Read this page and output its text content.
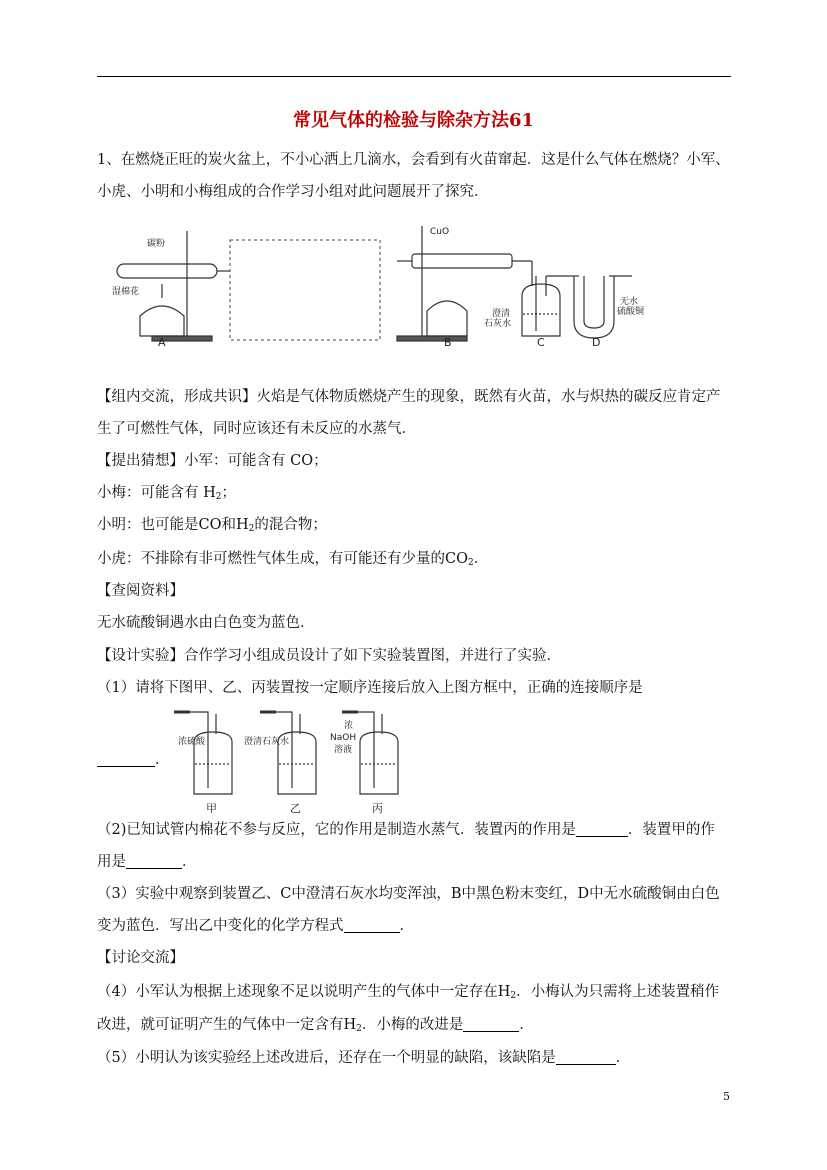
常见气体的检验与除杂方法61
1、在燃烧正旺的炭火盆上，不小心洒上几滴水，会看到有火苗窜起．这是什么气体在燃烧？小军、
小虎、小明和小梅组成的合作学习小组对此问题展开了探究．
碳粉
湿棉花
CuO
澄清
石灰水
无水
硫酸铜
A	B	C	D
【组内交流，形成共识】火焰是气体物质燃烧产生的现象，既然有火苗，水与炽热的碳反应肯定产
生了可燃性气体，同时应该还有未反应的水蒸气．
【提出猜想】小军：可能含有 CO；
小梅：可能含有 $H_2$；
小明：也可能是CO和$H_2$的混合物；
小虎：不排除有非可燃性气体生成，有可能还有少量的$CO_2$．
【查阅资料】
无水硫酸铜遇水由白色变为蓝色．
【设计实验】合作学习小组成员设计了如下实验装置图，并进行了实验．
（1）请将下图甲、乙、丙装置按一定顺序连接后放入上图方框中，正确的连接顺序是
浓硫酸	澄清石灰水
浓
NaOH
溶液
甲	乙	丙
．
（2)已知试管内棉花不参与反应，它的作用是制造水蒸气．装置丙的作用是	．装置甲的作
用是	．
（3）实验中观察到装置乙、C中澄清石灰水均变浑浊，B中黑色粉末变红，D中无水硫酸铜由白色
变为蓝色．写出乙中变化的化学方程式	．
【讨论交流】
（4）小军认为根据上述现象不足以说明产生的气体中一定存在$H_2$．小梅认为只需将上述装置稍作
改进，就可证明产生的气体中一定含有$H_2$．小梅的改进是	．
（5）小明认为该实验经上述改进后，还存在一个明显的缺陷，该缺陷是	．
5
